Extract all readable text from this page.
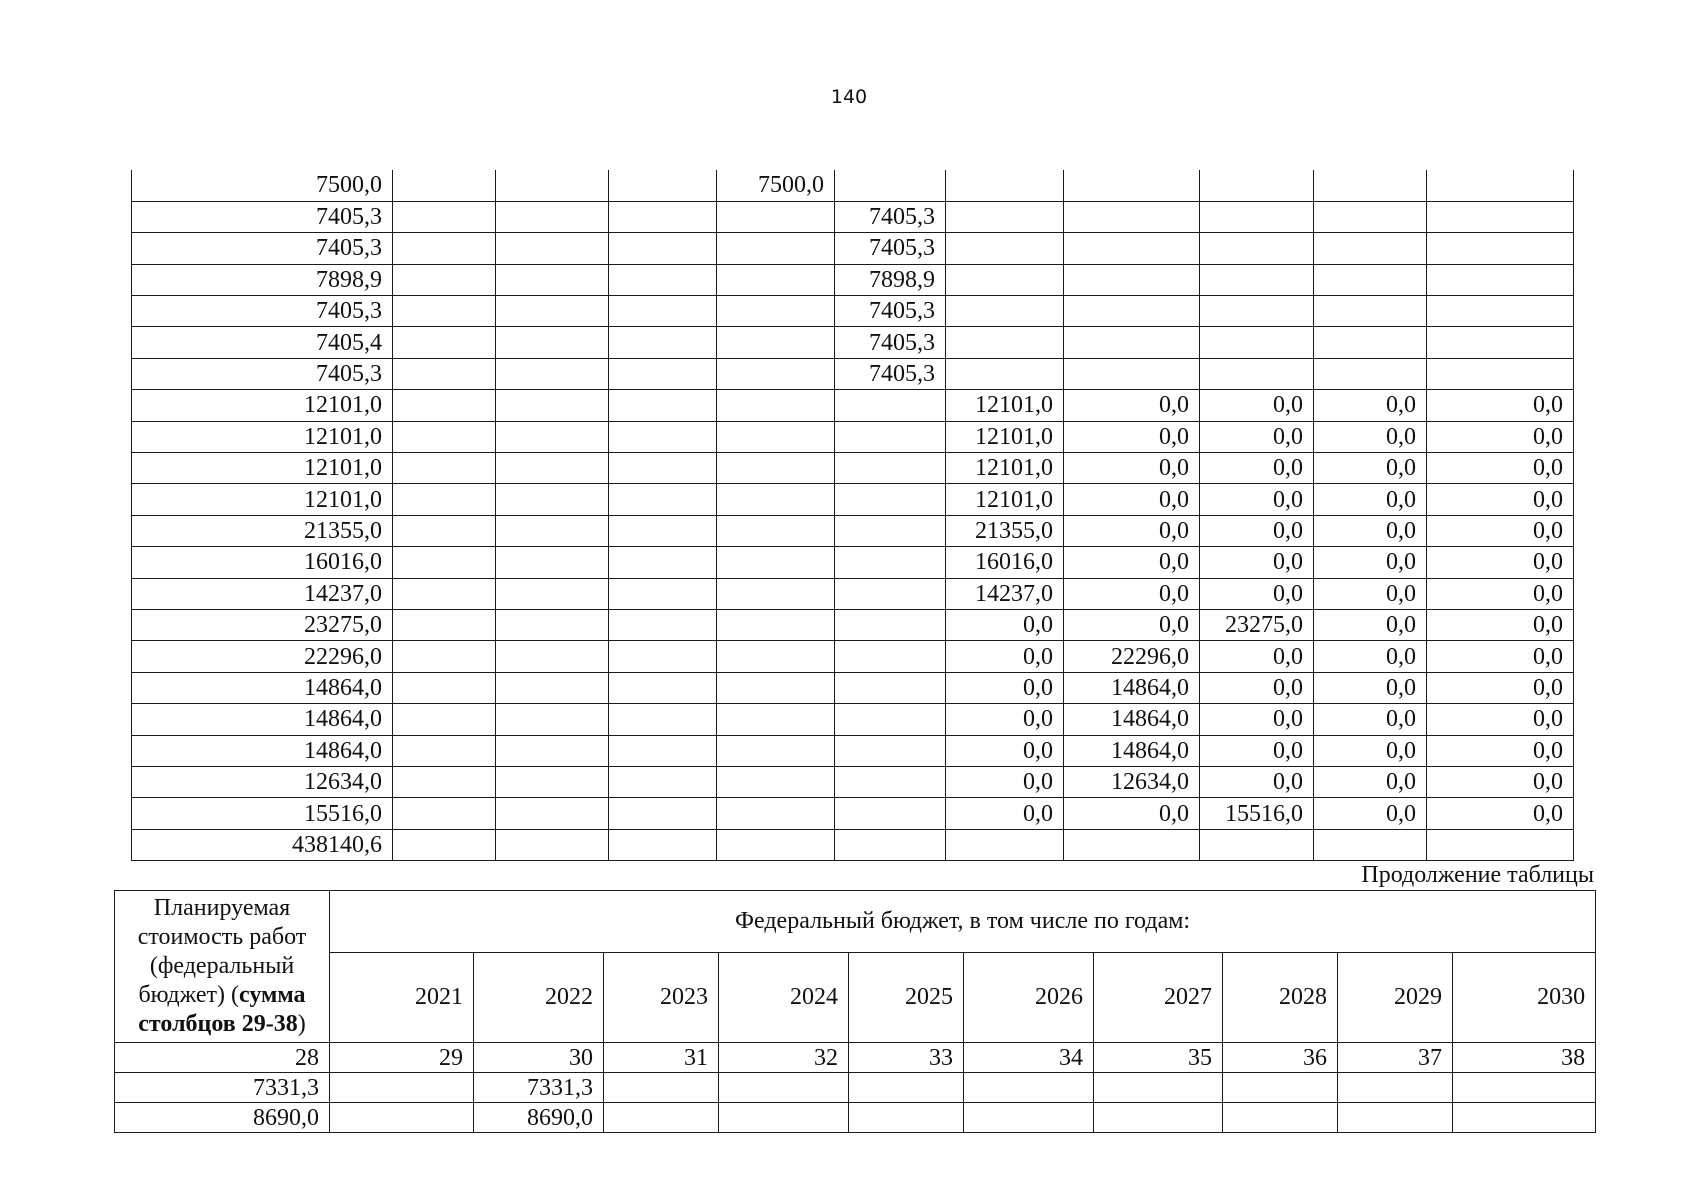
140
7500,0				7500,0						
7405,3					7405,3					
7405,3					7405,3					
7898,9					7898,9					
7405,3					7405,3					
7405,4					7405,3					
7405,3					7405,3					
12101,0						12101,0	0,0	0,0	0,0	0,0
12101,0						12101,0	0,0	0,0	0,0	0,0
12101,0						12101,0	0,0	0,0	0,0	0,0
12101,0						12101,0	0,0	0,0	0,0	0,0
21355,0						21355,0	0,0	0,0	0,0	0,0
16016,0						16016,0	0,0	0,0	0,0	0,0
14237,0						14237,0	0,0	0,0	0,0	0,0
23275,0						0,0	0,0	23275,0	0,0	0,0
22296,0						0,0	22296,0	0,0	0,0	0,0
14864,0						0,0	14864,0	0,0	0,0	0,0
14864,0						0,0	14864,0	0,0	0,0	0,0
14864,0						0,0	14864,0	0,0	0,0	0,0
12634,0						0,0	12634,0	0,0	0,0	0,0
15516,0						0,0	0,0	15516,0	0,0	0,0
438140,6										
Продолжение таблицы
Планируемая стоимость работ (федеральный бюджет) (сумма столбцов 29-38)	Федеральный бюджет, в том числе по годам:									
	2021	2022	2023	2024	2025	2026	2027	2028	2029	2030
28	29	30	31	32	33	34	35	36	37	38
7331,3		7331,3								
8690,0		8690,0								
